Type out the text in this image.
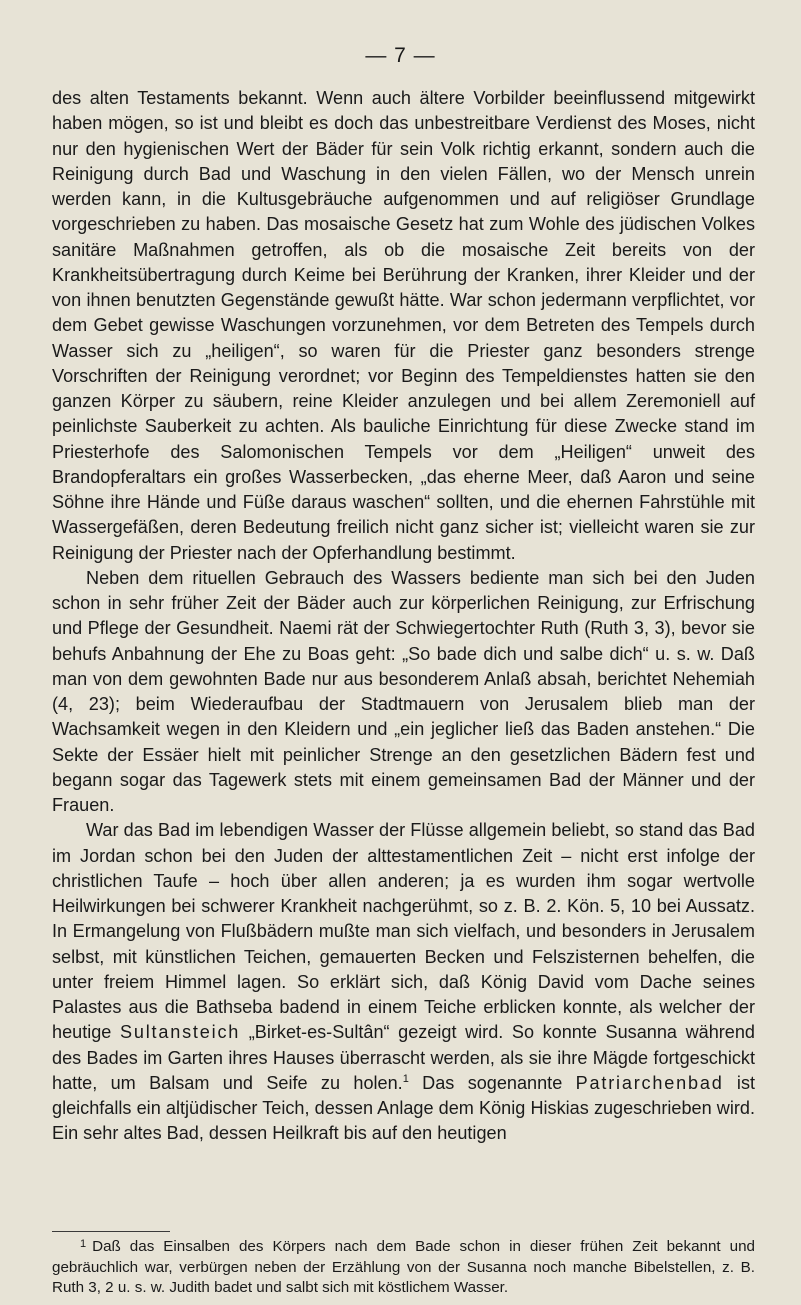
— 7 —

des alten Testaments bekannt. Wenn auch ältere Vorbilder beeinflussend mitgewirkt haben mögen, so ist und bleibt es doch das unbestreitbare Verdienst des Moses, nicht nur den hygienischen Wert der Bäder für sein Volk richtig erkannt, sondern auch die Reinigung durch Bad und Waschung in den vielen Fällen, wo der Mensch unrein werden kann, in die Kultusgebräuche aufgenommen und auf religiöser Grundlage vorgeschrieben zu haben. Das mosaische Gesetz hat zum Wohle des jüdischen Volkes sanitäre Maßnahmen getroffen, als ob die mosaische Zeit bereits von der Krankheitsübertragung durch Keime bei Berührung der Kranken, ihrer Kleider und der von ihnen benutzten Gegenstände gewußt hätte. War schon jedermann verpflichtet, vor dem Gebet gewisse Waschungen vorzunehmen, vor dem Betreten des Tempels durch Wasser sich zu „heiligen“, so waren für die Priester ganz besonders strenge Vorschriften der Reinigung verordnet; vor Beginn des Tempeldienstes hatten sie den ganzen Körper zu säubern, reine Kleider anzulegen und bei allem Zeremoniell auf peinlichste Sauberkeit zu achten. Als bauliche Einrichtung für diese Zwecke stand im Priesterhofe des Salomonischen Tempels vor dem „Heiligen“ unweit des Brandopferaltars ein großes Wasserbecken, „das eherne Meer, daß Aaron und seine Söhne ihre Hände und Füße daraus waschen“ sollten, und die ehernen Fahrstühle mit Wassergefäßen, deren Bedeutung freilich nicht ganz sicher ist; vielleicht waren sie zur Reinigung der Priester nach der Opferhandlung bestimmt.

Neben dem rituellen Gebrauch des Wassers bediente man sich bei den Juden schon in sehr früher Zeit der Bäder auch zur körperlichen Reinigung, zur Erfrischung und Pflege der Gesundheit. Naemi rät der Schwiegertochter Ruth (Ruth 3, 3), bevor sie behufs Anbahnung der Ehe zu Boas geht: „So bade dich und salbe dich“ u. s. w. Daß man von dem gewohnten Bade nur aus besonderem Anlaß absah, berichtet Nehemiah (4, 23); beim Wiederaufbau der Stadtmauern von Jerusalem blieb man der Wachsamkeit wegen in den Kleidern und „ein jeglicher ließ das Baden anstehen.“ Die Sekte der Essäer hielt mit peinlicher Strenge an den gesetzlichen Bädern fest und begann sogar das Tagewerk stets mit einem gemeinsamen Bad der Männer und der Frauen.

War das Bad im lebendigen Wasser der Flüsse allgemein beliebt, so stand das Bad im Jordan schon bei den Juden der alttestamentlichen Zeit – nicht erst infolge der christlichen Taufe – hoch über allen anderen; ja es wurden ihm sogar wertvolle Heilwirkungen bei schwerer Krankheit nachgerühmt, so z. B. 2. Kön. 5, 10 bei Aussatz. In Ermangelung von Flußbädern mußte man sich vielfach, und besonders in Jerusalem selbst, mit künstlichen Teichen, gemauerten Becken und Felszisternen behelfen, die unter freiem Himmel lagen. So erklärt sich, daß König David vom Dache seines Palastes aus die Bathseba badend in einem Teiche erblicken konnte, als welcher der heutige Sultansteich „Birket-es-Sultân“ gezeigt wird. So konnte Susanna während des Bades im Garten ihres Hauses überrascht werden, als sie ihre Mägde fortgeschickt hatte, um Balsam und Seife zu holen.$^1$ Das sogenannte Patriarchenbad ist gleichfalls ein altjüdischer Teich, dessen Anlage dem König Hiskias zugeschrieben wird. Ein sehr altes Bad, dessen Heilkraft bis auf den heutigen

$^1$ Daß das Einsalben des Körpers nach dem Bade schon in dieser frühen Zeit bekannt und gebräuchlich war, verbürgen neben der Erzählung von der Susanna noch manche Bibelstellen, z. B. Ruth 3, 2 u. s. w. Judith badet und salbt sich mit köstlichem Wasser.
